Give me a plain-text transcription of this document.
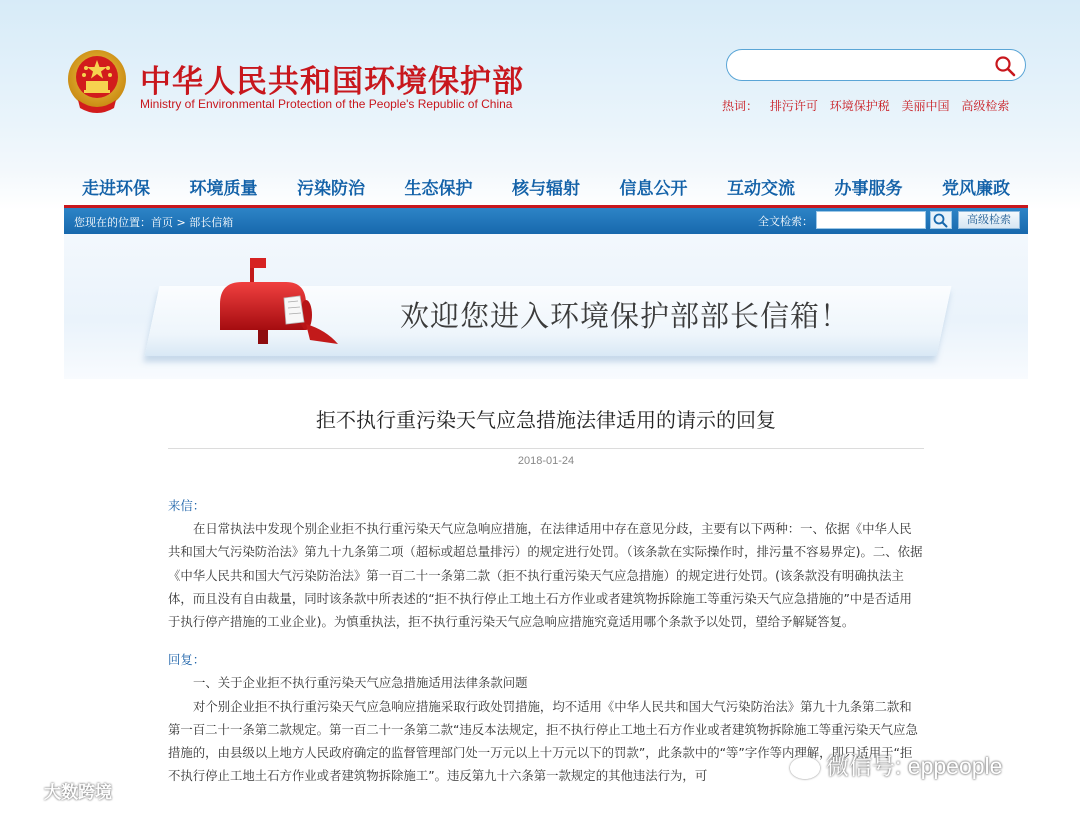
中华人民共和国环境保护部
Ministry of Environmental Protection of the People's Republic of China	热词： 排污许可 环境保护税 美丽中国 高级检索
走进环保 环境质量 污染防治 生态保护 核与辐射 信息公开 互动交流 办事服务 党风廉政
您现在的位置：首页 > 部长信箱	全文检索：	高级检索
欢迎您进入环境保护部部长信箱！
拒不执行重污染天气应急措施法律适用的请示的回复
2018-01-24
来信：

在日常执法中发现个别企业拒不执行重污染天气应急响应措施，在法律适用中存在意见分歧，主要有以下两种：一、依据《中华人民共和国大气污染防治法》第九十九条第二项（超标或超总量排污）的规定进行处罚。（该条款在实际操作时，排污量不容易界定)。二、依据《中华人民共和国大气污染防治法》第一百二十一条第二款（拒不执行重污染天气应急措施）的规定进行处罚。(该条款没有明确执法主体，而且没有自由裁量，同时该条款中所表述的“拒不执行停止工地土石方作业或者建筑物拆除施工等重污染天气应急措施的”中是否适用于执行停产措施的工业企业)。为慎重执法，拒不执行重污染天气应急响应措施究竟适用哪个条款予以处罚，望给予解疑答复。

回复：

一、关于企业拒不执行重污染天气应急措施适用法律条款问题

对个别企业拒不执行重污染天气应急响应措施采取行政处罚措施，均不适用《中华人民共和国大气污染防治法》第九十九条第二款和第一百二十一条第二款规定。第一百二十一条第二款“违反本法规定，拒不执行停止工地土石方作业或者建筑物拆除施工等重污染天气应急措施的，由县级以上地方人民政府确定的监督管理部门处一万元以上十万元以下的罚款”，此条款中的“等”字作等内理解，即只适用于“拒不执行停止工地土石方作业或者建筑物拆除施工”。违反第九十六条第一款规定的其他违法行为，可

大数跨境
微信号: eppeople
